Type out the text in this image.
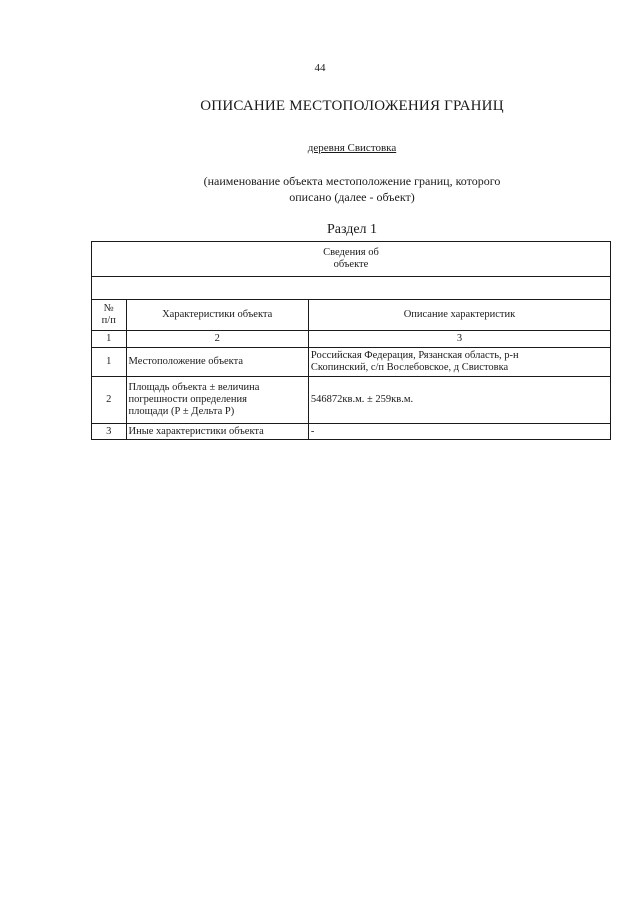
44
ОПИСАНИЕ МЕСТОПОЛОЖЕНИЯ ГРАНИЦ
деревня Свистовка
(наименование объекта местоположение границ, которого
описано (далее - объект)
Раздел 1
Сведения об
объекте		

№
п/п	Характеристики объекта	Описание характеристик
1	2	3
1	Местоположение объекта	Российская Федерация, Рязанская область, р-н
Скопинский, с/п Вослебовское, д Свистовка

2	Площадь объекта ± величина
погрешности определения
площади (Р ± Дельта Р)	546872кв.м. ± 259кв.м.
3	Иные характеристики объекта	-
